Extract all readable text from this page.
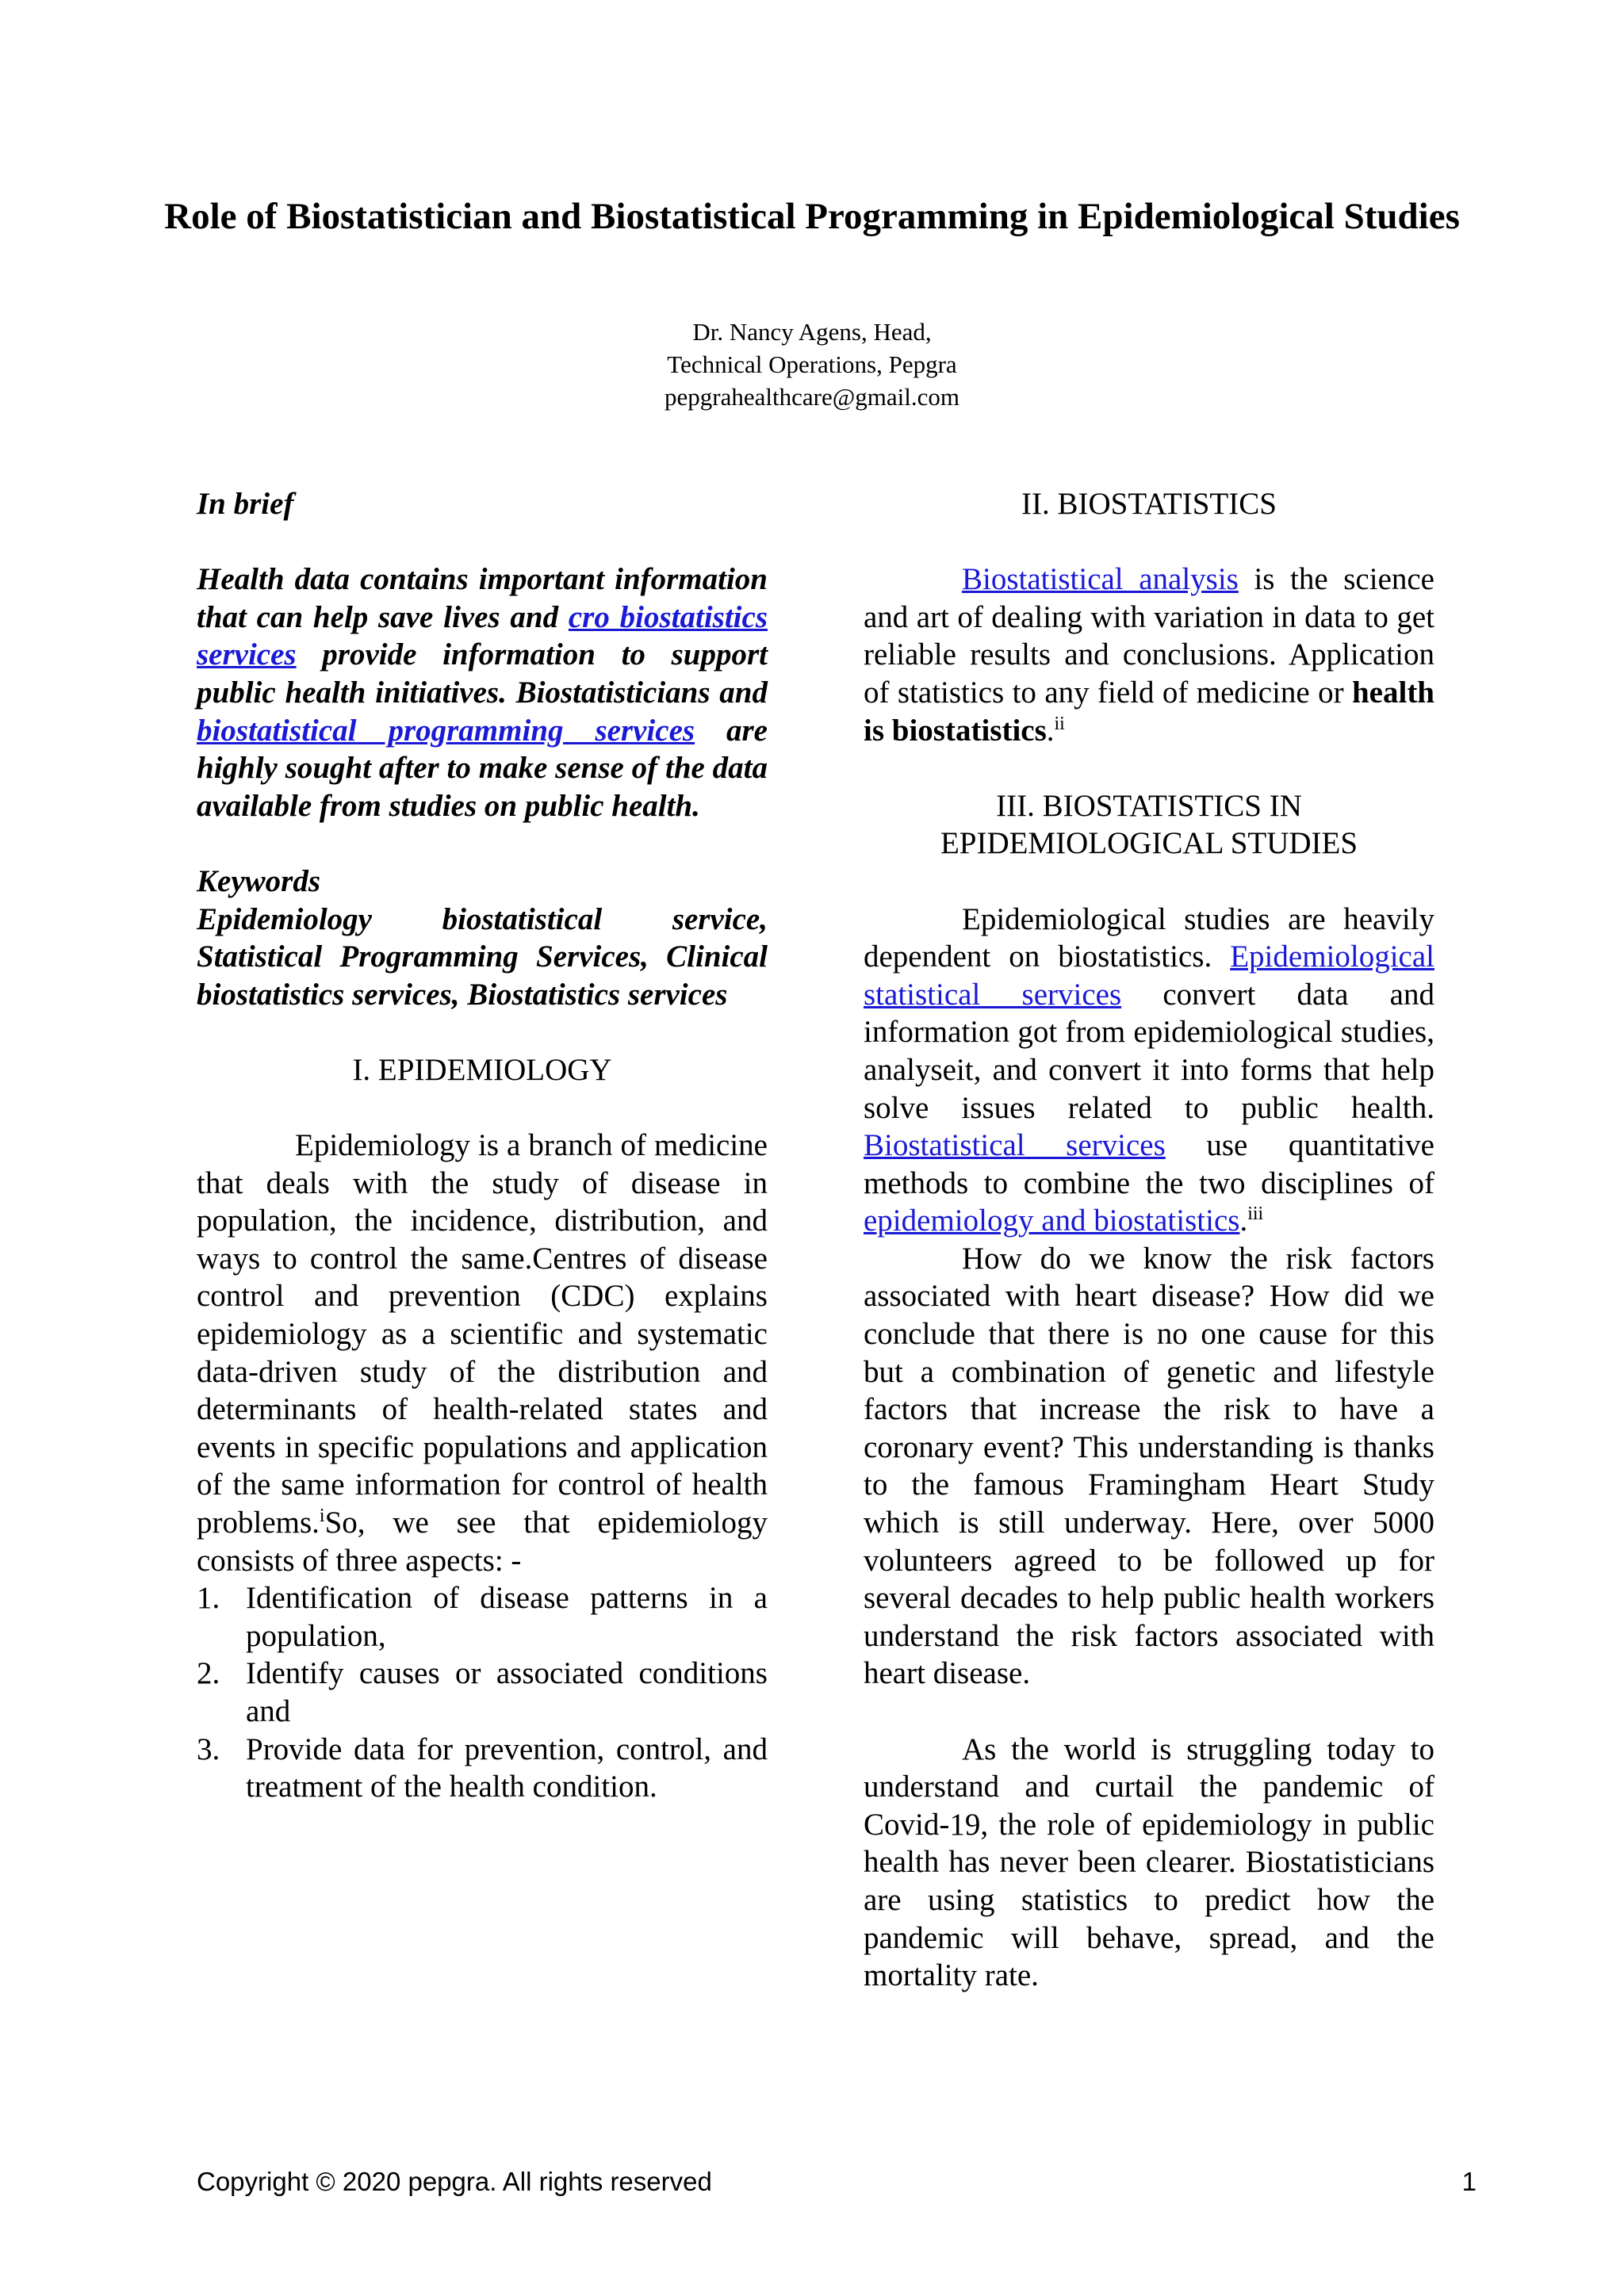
Role of Biostatistician and Biostatistical Programming in Epidemiological Studies
Dr. Nancy Agens, Head,
Technical Operations, Pepgra
pepgrahealthcare@gmail.com

In brief

Health data contains important information that can help save lives and cro biostatistics services provide information to support public health initiatives. Biostatisticians and biostatistical programming services are highly sought after to make sense of the data available from studies on public health.

Keywords

Epidemiology biostatistical service, Statistical Programming Services, Clinical biostatistics services, Biostatistics services

I. EPIDEMIOLOGY

Epidemiology is a branch of medicine that deals with the study of disease in population, the incidence, distribution, and ways to control the same.Centres of disease control and prevention (CDC) explains epidemiology as a scientific and systematic data-driven study of the distribution and determinants of health-related states and events in specific populations and application of the same information for control of health problems.$^i$So, we see that epidemiology consists of three aspects: -

1. Identification of disease patterns in a population,
2. Identify causes or associated conditions and
3. Provide data for prevention, control, and treatment of the health condition.

II. BIOSTATISTICS

Biostatistical analysis is the science and art of dealing with variation in data to get reliable results and conclusions. Application of statistics to any field of medicine or health is biostatistics.$^{ii}$

III. BIOSTATISTICS IN

EPIDEMIOLOGICAL STUDIES

Epidemiological studies are heavily dependent on biostatistics. Epidemiological statistical services convert data and information got from epidemiological studies, analyseit, and convert it into forms that help solve issues related to public health. Biostatistical services use quantitative methods to combine the two disciplines of epidemiology and biostatistics.$^{iii}$

How do we know the risk factors associated with heart disease? How did we conclude that there is no one cause for this but a combination of genetic and lifestyle factors that increase the risk to have a coronary event? This understanding is thanks to the famous Framingham Heart Study which is still underway. Here, over 5000 volunteers agreed to be followed up for several decades to help public health workers understand the risk factors associated with heart disease.

As the world is struggling today to understand and curtail the pandemic of Covid-19, the role of epidemiology in public health has never been clearer. Biostatisticians are using statistics to predict how the pandemic will behave, spread, and the mortality rate.

Copyright © 2020 pepgra. All rights reserved	1
